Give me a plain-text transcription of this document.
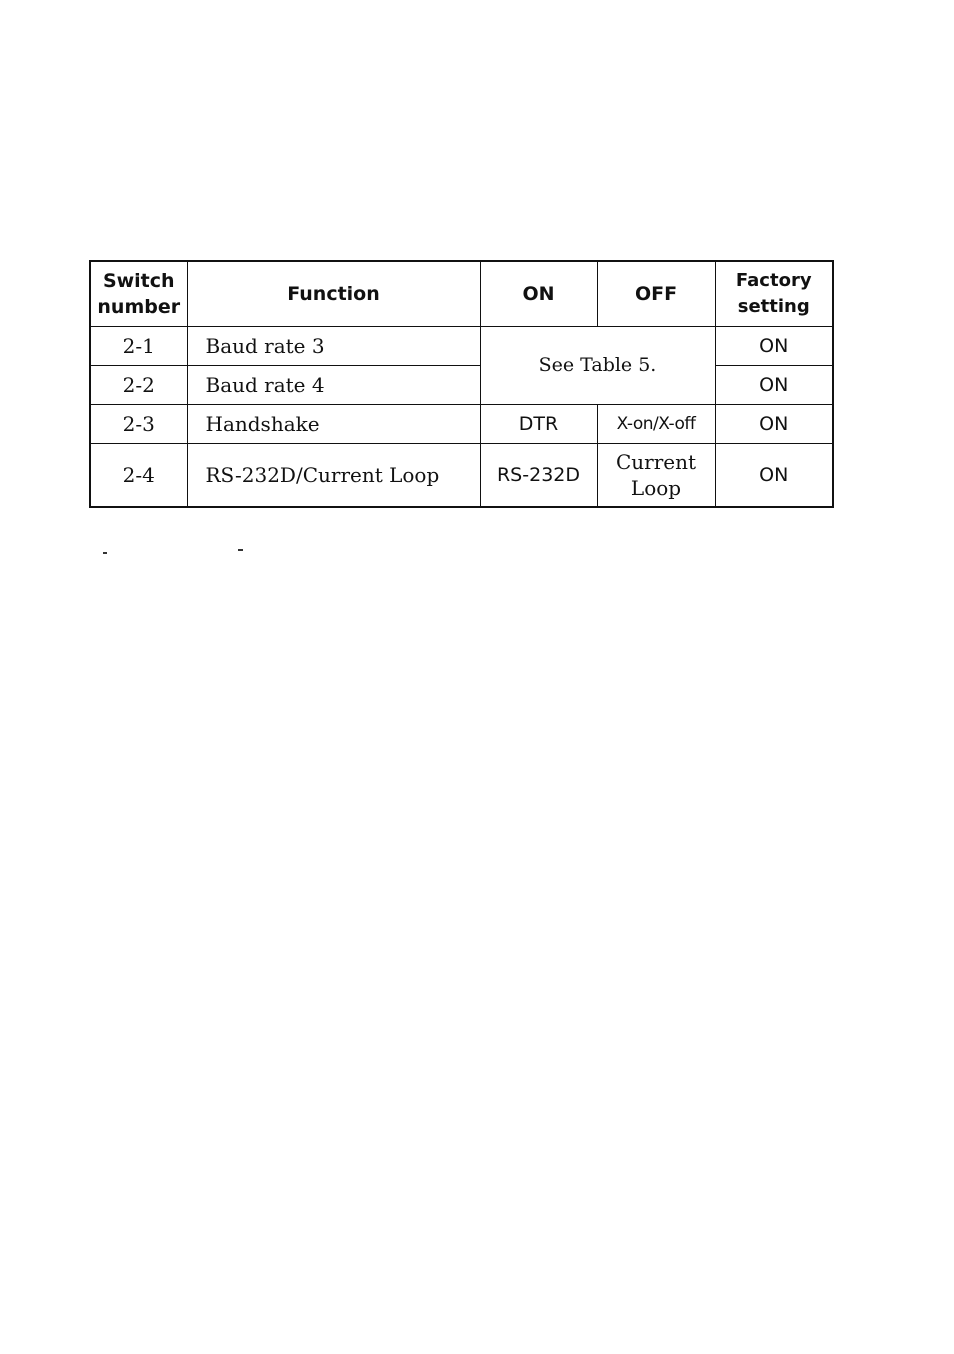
Switch number	Function	ON	OFF	Factory setting
2-1	Baud rate 3	See Table 5.		ON
2-2	Baud rate 4			ON
2-3	Handshake	DTR	X-on/X-off	ON
2-4	RS-232D/Current Loop	RS-232D	Current Loop	ON
